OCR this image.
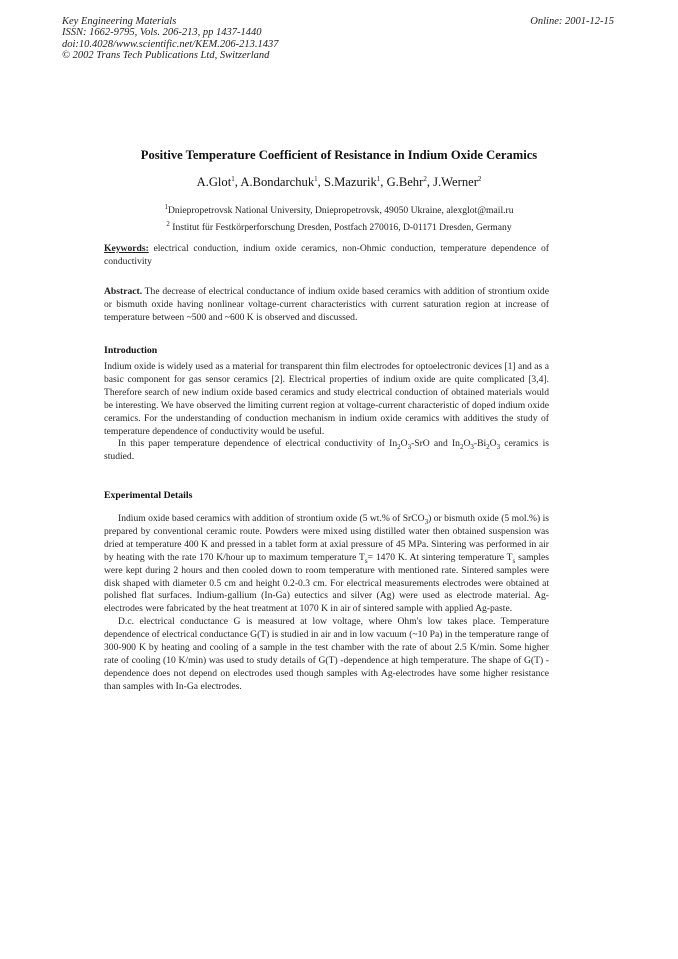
Key Engineering Materials
ISSN: 1662-9795, Vols. 206-213, pp 1437-1440
doi:10.4028/www.scientific.net/KEM.206-213.1437
© 2002 Trans Tech Publications Ltd, Switzerland
Online: 2001-12-15
Positive Temperature Coefficient of Resistance in Indium Oxide Ceramics
A.Glot$^1$, A.Bondarchuk$^1$, S.Mazurik$^1$, G.Behr$^2$, J.Werner$^2$
$^1$Dniepropetrovsk National University, Dniepropetrovsk, 49050 Ukraine, alexglot@mail.ru
$^2$ Institut für Festkörperforschung Dresden, Postfach 270016, D-01171 Dresden, Germany
Keywords: electrical conduction, indium oxide ceramics, non-Ohmic conduction, temperature dependence of conductivity
Abstract. The decrease of electrical conductance of indium oxide based ceramics with addition of strontium oxide or bismuth oxide having nonlinear voltage-current characteristics with current saturation region at increase of temperature between ~500 and ~600 K is observed and discussed.
Introduction

Indium oxide is widely used as a material for transparent thin film electrodes for optoelectronic devices [1] and as a basic component for gas sensor ceramics [2]. Electrical properties of indium oxide are quite complicated [3,4]. Therefore search of new indium oxide based ceramics and study electrical conduction of obtained materials would be interesting. We have observed the limiting current region at voltage-current characteristic of doped indium oxide ceramics. For the understanding of conduction mechanism in indium oxide ceramics with additives the study of temperature dependence of conductivity would be useful.

In this paper temperature dependence of electrical conductivity of $In_2O_3$-SrO and $In_2O_3-Bi_2O_3$ ceramics is studied.

Experimental Details

Indium oxide based ceramics with addition of strontium oxide (5 wt.% of SrCO$_3$) or bismuth oxide (5 mol.%) is prepared by conventional ceramic route. Powders were mixed using distilled water then obtained suspension was dried at temperature 400 K and pressed in a tablet form at axial pressure of 45 MPa. Sintering was performed in air by heating with the rate 170 K/hour up to maximum temperature $T_s= 1470$ K. At sintering temperature $T_s$ samples were kept during 2 hours and then cooled down to room temperature with mentioned rate. Sintered samples were disk shaped with diameter 0.5 cm and height 0.2-0.3 cm. For electrical measurements electrodes were obtained at polished flat surfaces. Indium-gallium (In-Ga) eutectics and silver (Ag) were used as electrode material. Ag-electrodes were fabricated by the heat treatment at 1070 K in air of sintered sample with applied Ag-paste.

D.c. electrical conductance G is measured at low voltage, where Ohm's low takes place. Temperature dependence of electrical conductance G(T) is studied in air and in low vacuum (~10 Pa) in the temperature range of 300-900 K by heating and cooling of a sample in the test chamber with the rate of about 2.5 K/min. Some higher rate of cooling (10 K/min) was used to study details of G(T) -dependence at high temperature. The shape of G(T) -dependence does not depend on electrodes used though samples with Ag-electrodes have some higher resistance than samples with In-Ga electrodes.
